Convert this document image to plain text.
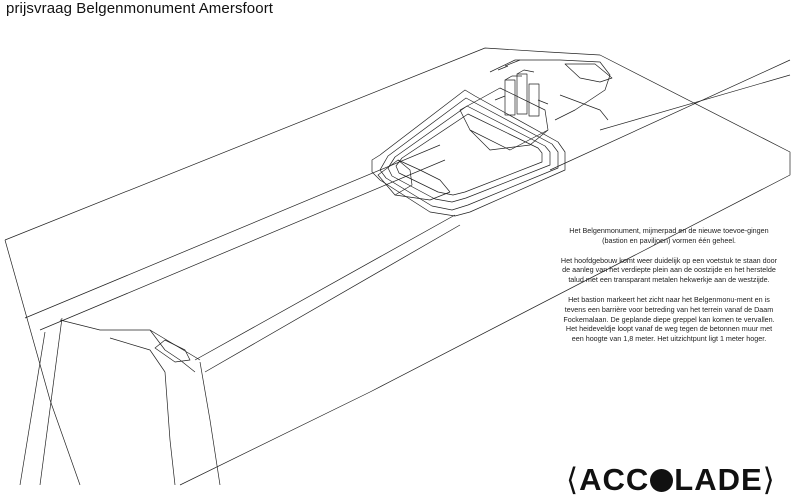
prijsvraag Belgenmonument Amersfoort

Het Belgenmonument, mijmerpad en de nieuwe toevoe-gingen (bastion en paviljoen) vormen één geheel.

Het hoofdgebouw komt weer duidelijk op een voetstuk te staan door de aanleg van het verdiepte plein aan de oostzijde en het herstelde talud met een transparant metalen hekwerkje aan de westzijde.

Het bastion markeert het zicht naar het Belgenmonu-ment en is tevens een barrière voor betreding van het terrein vanaf de Daam Fockemalaan. De geplande diepe greppel kan komen te vervallen. Het heideveldje loopt vanaf de weg tegen de betonnen muur met een hoogte van 1,8 meter. Het uitzichtpunt ligt 1 meter hoger.

⟨ ACC LADE ⟩
